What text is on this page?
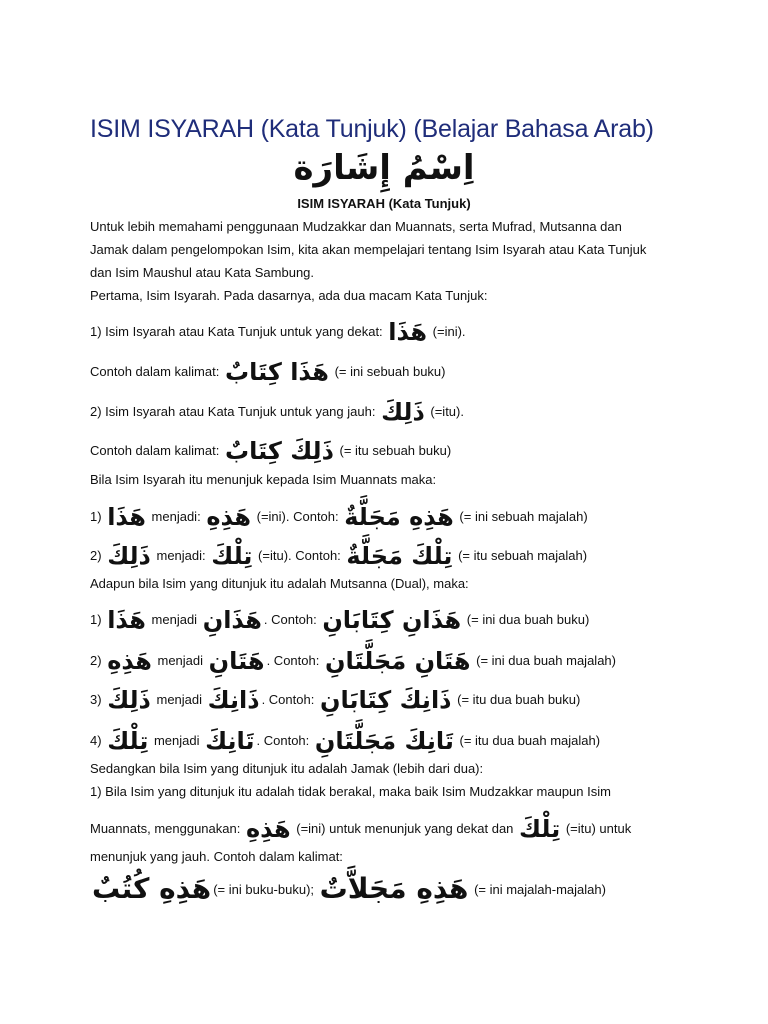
ISIM ISYARAH (Kata Tunjuk) (Belajar Bahasa Arab)
اِسْمُ إِشَارَة
ISIM ISYARAH (Kata Tunjuk)
Untuk lebih memahami penggunaan Mudzakkar dan Muannats, serta Mufrad, Mutsanna dan
Jamak dalam pengelompokan Isim, kita akan mempelajari tentang Isim Isyarah atau Kata Tunjuk
dan Isim Maushul atau Kata Sambung.
Pertama, Isim Isyarah. Pada dasarnya, ada dua macam Kata Tunjuk:
1) Isim Isyarah atau Kata Tunjuk untuk yang dekat: هَذَا (=ini).
Contoh dalam kalimat: هَذَا كِتَابٌ (= ini sebuah buku)
2) Isim Isyarah atau Kata Tunjuk untuk yang jauh: ذَلِكَ (=itu).
Contoh dalam kalimat: ذَلِكَ كِتَابٌ (= itu sebuah buku)
Bila Isim Isyarah itu menunjuk kepada Isim Muannats maka:
1) هَذَا menjadi: هَذِهِ (=ini). Contoh: هَذِهِ مَجَلَّةٌ (= ini sebuah majalah)
2) ذَلِكَ menjadi: تِلْكَ (=itu). Contoh: تِلْكَ مَجَلَّةٌ (= itu sebuah majalah)
Adapun bila Isim yang ditunjuk itu adalah Mutsanna (Dual), maka:
1) هَذَا menjadi هَذَانِ . Contoh: هَذَانِ كِتَابَانِ (= ini dua buah buku)
2) هَذِهِ menjadi هَتَانِ . Contoh: هَتَانِ مَجَلَّتَانِ (= ini dua buah majalah)
3) ذَلِكَ menjadi ذَانِكَ . Contoh: ذَانِكَ كِتَابَانِ (= itu dua buah buku)
4) تِلْكَ menjadi تَانِكَ . Contoh: تَانِكَ مَجَلَّتَانِ (= itu dua buah majalah)
Sedangkan bila Isim yang ditunjuk itu adalah Jamak (lebih dari dua):
1) Bila Isim yang ditunjuk itu adalah tidak berakal, maka baik Isim Mudzakkar maupun Isim
Muannats, menggunakan: هَذِهِ (=ini) untuk menunjuk yang dekat dan تِلْكَ (=itu) untuk
menunjuk yang jauh. Contoh dalam kalimat:
هَذِهِ كُتُبٌ (= ini buku-buku); هَذِهِ مَجَلاَّتٌ (= ini majalah-majalah)
